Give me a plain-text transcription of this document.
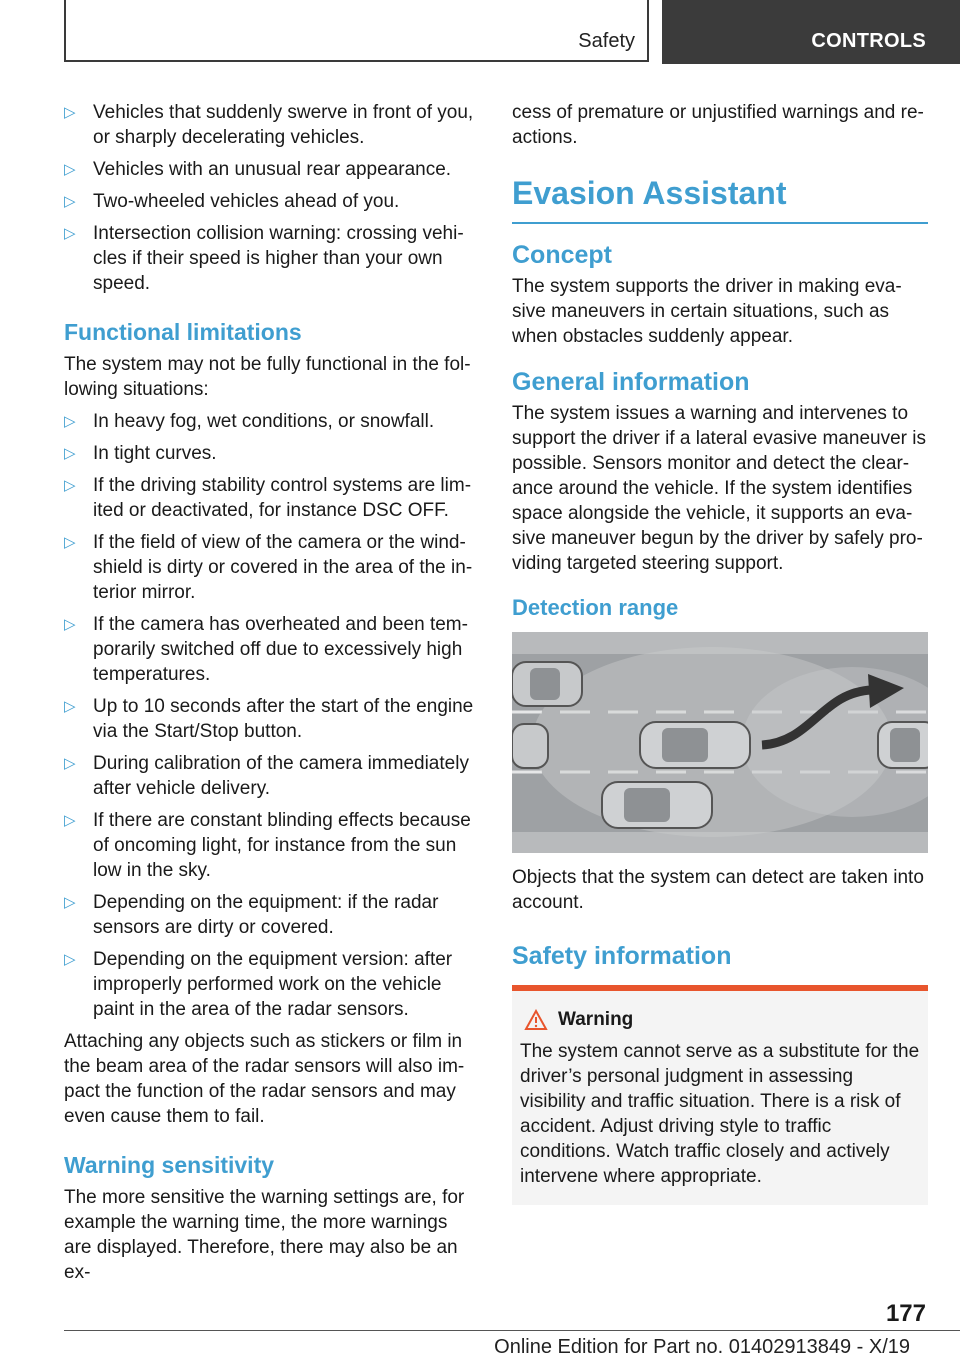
Safety	CONTROLS
▷ Vehicles that suddenly swerve in front of you, or sharply decelerating vehicles.
▷ Vehicles with an unusual rear appearance.
▷ Two-wheeled vehicles ahead of you.
▷ Intersection collision warning: crossing vehicles if their speed is higher than your own speed.
Functional limitations

The system may not be fully functional in the following situations:

▷ In heavy fog, wet conditions, or snowfall.
▷ In tight curves.
▷ If the driving stability control systems are limited or deactivated, for instance DSC OFF.
▷ If the field of view of the camera or the windshield is dirty or covered in the area of the interior mirror.
▷ If the camera has overheated and been temporarily switched off due to excessively high temperatures.
▷ Up to 10 seconds after the start of the engine via the Start/Stop button.
▷ During calibration of the camera immediately after vehicle delivery.
▷ If there are constant blinding effects because of oncoming light, for instance from the sun low in the sky.
▷ Depending on the equipment: if the radar sensors are dirty or covered.
▷ Depending on the equipment version: after improperly performed work on the vehicle paint in the area of the radar sensors.

Attaching any objects such as stickers or film in the beam area of the radar sensors will also impact the function of the radar sensors and may even cause them to fail.

Warning sensitivity

The more sensitive the warning settings are, for example the warning time, the more warnings are displayed. Therefore, there may also be an ex-

cess of premature or unjustified warnings and reactions.

Evasion Assistant
Concept

The system supports the driver in making evasive maneuvers in certain situations, such as when obstacles suddenly appear.

General information

The system issues a warning and intervenes to support the driver if a lateral evasive maneuver is possible. Sensors monitor and detect the clearance around the vehicle. If the system identifies space alongside the vehicle, it supports an evasive maneuver begun by the driver by safely providing targeted steering support.

Detection range

Objects that the system can detect are taken into account.

Safety information
Warning

The system cannot serve as a substitute for the driver’s personal judgment in assessing visibility and traffic situation. There is a risk of accident. Adjust driving style to traffic conditions. Watch traffic closely and actively intervene where appropriate.

177
Online Edition for Part no. 01402913849 - X/19
